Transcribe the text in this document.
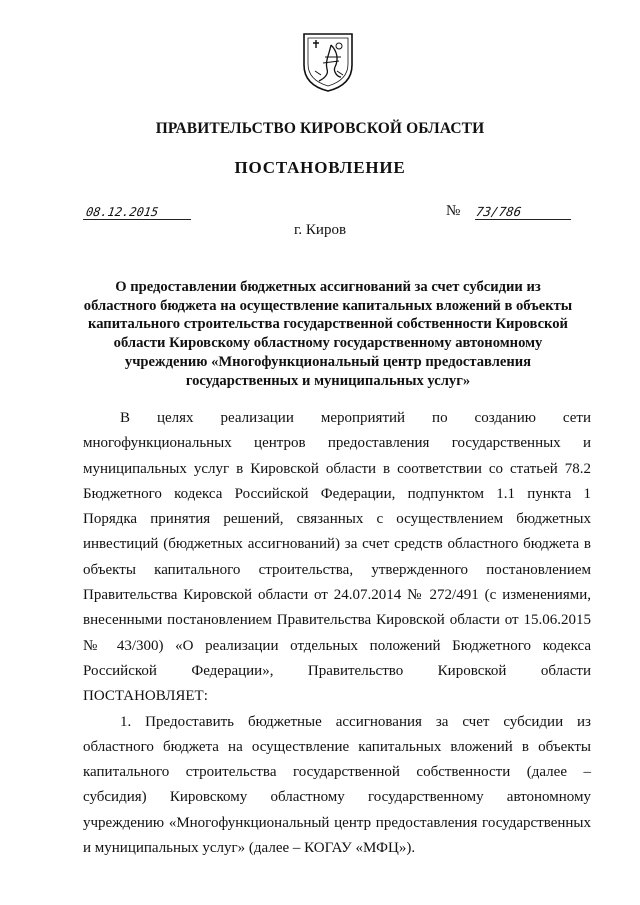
ПРАВИТЕЛЬСТВО КИРОВСКОЙ ОБЛАСТИ
ПОСТАНОВЛЕНИЕ
08.12.2015	№ 73/786
г. Киров
О предоставлении бюджетных ассигнований за счет субсидии из
областного бюджета на осуществление капитальных вложений в объекты
капитального строительства государственной собственности Кировской
области Кировскому областному государственному автономному
учреждению «Многофункциональный центр предоставления
государственных и муниципальных услуг»
В целях реализации мероприятий по созданию сети
многофункциональных центров предоставления государственных и
муниципальных услуг в Кировской области в соответствии со статьей 78.2
Бюджетного кодекса Российской Федерации, подпунктом 1.1 пункта 1
Порядка принятия решений, связанных с осуществлением бюджетных
инвестиций (бюджетных ассигнований) за счет средств областного бюджета в
объекты капитального строительства, утвержденного постановлением
Правительства Кировской области от 24.07.2014 № 272/491 (с изменениями,
внесенными постановлением Правительства Кировской области от 15.06.2015
№ 43/300) «О реализации отдельных положений Бюджетного кодекса
Российской Федерации», Правительство Кировской области
ПОСТАНОВЛЯЕТ:
1. Предоставить бюджетные ассигнования за счет субсидии из
областного бюджета на осуществление капитальных вложений в объекты
капитального строительства государственной собственности (далее –
субсидия) Кировскому областному государственному автономному
учреждению «Многофункциональный центр предоставления государственных
и муниципальных услуг» (далее – КОГАУ «МФЦ»).
